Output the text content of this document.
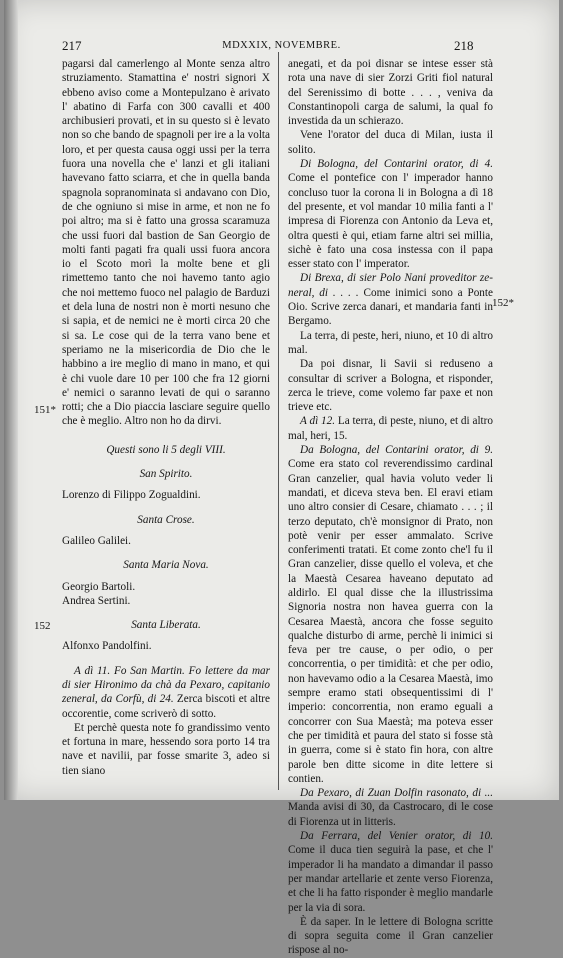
217	MDXXIX, NOVEMBRE.	218
151*
152
152*

pagarsi dal camerlengo al Monte senza altro struziamento. Stamattina e' nostri signori X ebbeno aviso come a Montepulzano è arivato l' abatino di Farfa con 300 cavalli et 400 archibusieri provati, et in su questo si è levato non so che bando de spagnoli per ire a la volta loro, et per questa causa oggi ussi per la terra fuora una novella che e' lanzi et gli italiani havevano fatto sciarra, et che in quella banda spagnola sopranominata si andavano con Dio, de che ogniuno si mise in arme, et non ne fo poi altro; ma si è fatto una grossa scaramuza che ussi fuori dal bastion de San Georgio de molti fanti pagati fra quali ussi fuora ancora io el Scoto morì la molte bene et gli rimettemo tanto che noi havemo tanto agio che noi mettemo fuoco nel palagio de Barduzi et dela luna de nostri non è morti nesuno che si sapia, et de nemici ne è morti circa 20 che si sa. Le cose qui de la terra vano bene et speriamo ne la misericordia de Dio che le habbino a ire meglio di mano in mano, et qui è chi vuole dare 10 per 100 che fra 12 giorni e' nemici o saranno levati de qui o saranno rotti; che a Dio piaccia lasciare seguire quello che è meglio. Altro non ho da dirvi.

Questi sono li 5 degli VIII.

San Spirito.

Lorenzo di Filippo Zogualdini.

Santa Crose.

Galileo Galilei.

Santa Maria Nova.

Georgio Bartoli.

Andrea Sertini.

Santa Liberata.

Alfonxo Pandolfini.

A dì 11. Fo San Martin. Fo lettere da mar di sier Hironimo da chà da Pexaro, capitanio zeneral, da Corfù, di 24. Zerca biscoti et altre occorentie, come scriverò di sotto.

Et perchè questa note fo grandissimo vento et fortuna in mare, hessendo sora porto 14 tra nave et navilii, par fosse smarite 3, adeo si tien siano

anegati, et da poi disnar se intese esser stà rota una nave di sier Zorzi Griti fiol natural del Serenissimo di botte . . . , veniva da Constantinopoli carga de salumi, la qual fo investida da un schierazo.

Vene l'orator del duca di Milan, iusta il solito.

Di Bologna, del Contarini orator, di 4. Come el pontefice con l' imperador hanno concluso tuor la corona li in Bologna a dì 18 del presente, et vol mandar 10 milia fanti a l' impresa di Fiorenza con Antonio da Leva et, oltra questi è qui, etiam farne altri sei millia, sichè è fato una cosa instessa con il papa esser stato con l' imperator.

Di Brexa, di sier Polo Nani proveditor zeneral, di . . . . Come inimici sono a Ponte Oio. Scrive zerca danari, et mandaria fanti in Bergamo.

La terra, di peste, heri, niuno, et 10 di altro mal.

Da poi disnar, li Savii si reduseno a consultar di scriver a Bologna, et risponder, zerca le trieve, come volemo far paxe et non trieve etc.

A dì 12. La terra, di peste, niuno, et di altro mal, heri, 15.

Da Bologna, del Contarini orator, di 9. Come era stato col reverendissimo cardinal Gran canzelier, qual havia voluto veder li mandati, et diceva steva ben. El eravi etiam uno altro consier di Cesare, chiamato . . . ; il terzo deputato, ch'è monsignor di Prato, non potè venir per esser ammalato. Scrive conferimenti tratati. Et come zonto che'l fu il Gran canzelier, disse quello el voleva, et che la Maestà Cesarea haveano deputato ad aldirlo. El qual disse che la illustrissima Signoria nostra non havea guerra con la Cesarea Maestà, ancora che fosse seguito qualche disturbo di arme, perchè li inimici si feva per tre cause, o per odio, o per concorrentia, o per timidità: et che per odio, non havevamo odio a la Cesarea Maestà, imo sempre eramo stati obsequentissimi di l' imperio: concorrentia, non eramo eguali a concorrer con Sua Maestà; ma poteva esser che per timidità et paura del stato si fosse stà in guerra, come si è stato fin hora, con altre parole ben ditte sicome in dite lettere si contien.

Da Pexaro, di Zuan Dolfin rasonato, di ... Manda avisi di 30, da Castrocaro, di le cose di Fiorenza ut in litteris.

Da Ferrara, del Venier orator, di 10. Come il duca tien seguirà la pase, et che l' imperador li ha mandato a dimandar il passo per mandar artellarie et zente verso Fiorenza, et che li ha fatto risponder è meglio mandarle per la via di sora.

È da saper. In le lettere di Bologna scritte di sopra seguita come il Gran canzelier rispose al no-
